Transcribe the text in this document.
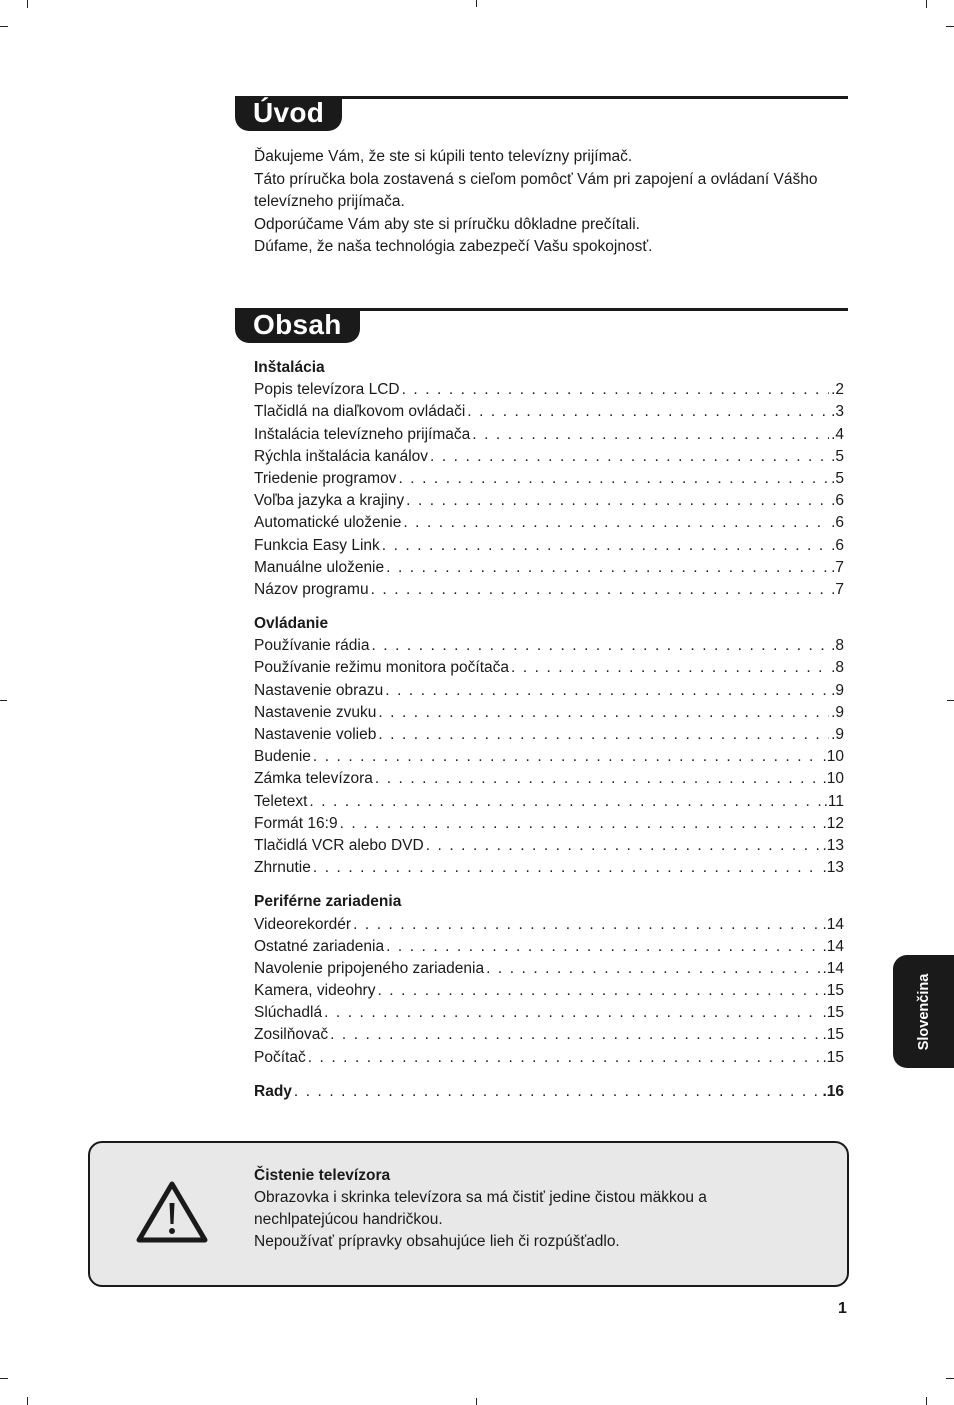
Úvod

Ďakujeme Vám, že ste si kúpili tento televízny prijímač.

Táto príručka bola zostavená s cieľom pomôcť Vám pri zapojení a ovládaní Vášho televízneho prijímača.

Odporúčame Vám aby ste si príručku dôkladne prečítali.

Dúfame, že naša technológia zabezpečí Vašu spokojnosť.

Obsah
Inštalácia
Popis televízora LCD . . .	.2
Tlačidlá na diaľkovom ovládači . . .	.3
Inštalácia televízneho prijímača . . .	.4
Rýchla inštalácia kanálov . . .	.5
Triedenie programov . . .	.5
Voľba jazyka a krajiny . . .	.6
Automatické uloženie . . .	.6
Funkcia Easy Link . . .	.6
Manuálne uloženie . . .	.7
Názov programu . . .	.7
Ovládanie
Používanie rádia . . .	.8
Používanie režimu monitora počítača . . .	.8
Nastavenie obrazu . . .	.9
Nastavenie zvuku . . .	.9
Nastavenie volieb . . .	.9
Budenie . . .	.10
Zámka televízora . . .	.10
Teletext . . .	.11
Formát 16:9 . . .	.12
Tlačidlá VCR alebo DVD . . .	.13
Zhrnutie . . .	.13
Periférne zariadenia
Videorekordér . . .	.14
Ostatné zariadenia . . .	.14
Navolenie pripojeného zariadenia . . .	.14
Kamera, videohry . . .	.15
Slúchadlá . . .	.15
Zosilňovač . . .	.15
Počítač . . .	.15
Rady . . .	.16
Slovenčina

Čistenie televízora

Obrazovka i skrinka televízora sa má čistiť jedine čistou mäkkou a nechlpatejúcou handričkou.

Nepoužívať prípravky obsahujúce lieh či rozpúšťadlo.

1
